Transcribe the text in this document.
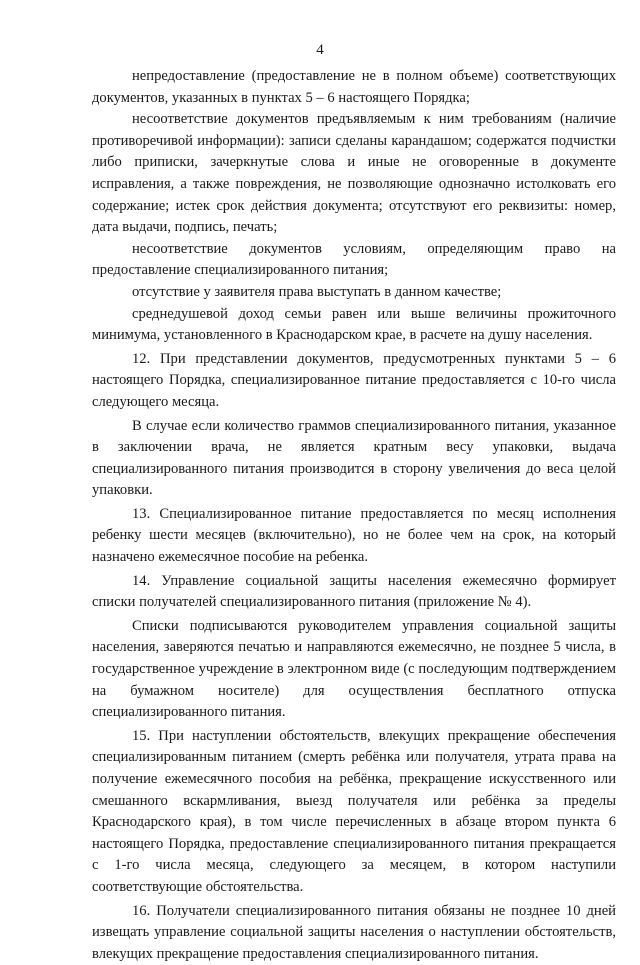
4

непредоставление (предоставление не в полном объеме) соответствующих документов, указанных в пунктах 5 – 6 настоящего Порядка;

несоответствие документов предъявляемым к ним требованиям (наличие противоречивой информации): записи сделаны карандашом; содержатся подчистки либо приписки, зачеркнутые слова и иные не оговоренные в документе исправления, а также повреждения, не позволяющие однозначно истолковать его содержание; истек срок действия документа; отсутствуют его реквизиты: номер, дата выдачи, подпись, печать;

несоответствие документов условиям, определяющим право на предоставление специализированного питания;

отсутствие у заявителя права выступать в данном качестве;

среднедушевой доход семьи равен или выше величины прожиточного минимума, установленного в Краснодарском крае, в расчете на душу населения.

12. При представлении документов, предусмотренных пунктами 5 – 6 настоящего Порядка, специализированное питание предоставляется с 10-го числа следующего месяца.

В случае если количество граммов специализированного питания, указанное в заключении врача, не является кратным весу упаковки, выдача специализированного питания производится в сторону увеличения до веса целой упаковки.

13. Специализированное питание предоставляется по месяц исполнения ребенку шести месяцев (включительно), но не более чем на срок, на который назначено ежемесячное пособие на ребенка.

14. Управление социальной защиты населения ежемесячно формирует списки получателей специализированного питания (приложение № 4).

Списки подписываются руководителем управления социальной защиты населения, заверяются печатью и направляются ежемесячно, не позднее 5 числа, в государственное учреждение в электронном виде (с последующим подтверждением на бумажном носителе) для осуществления бесплатного отпуска специализированного питания.

15. При наступлении обстоятельств, влекущих прекращение обеспечения специализированным питанием (смерть ребёнка или получателя, утрата права на получение ежемесячного пособия на ребёнка, прекращение искусственного или смешанного вскармливания, выезд получателя или ребёнка за пределы Краснодарского края), в том числе перечисленных в абзаце втором пункта 6 настоящего Порядка, предоставление специализированного питания прекращается с 1-го числа месяца, следующего за месяцем, в котором наступили соответствующие обстоятельства.

16. Получатели специализированного питания обязаны не позднее 10 дней извещать управление социальной защиты населения о наступлении обстоятельств, влекущих прекращение предоставления специализированного питания.
